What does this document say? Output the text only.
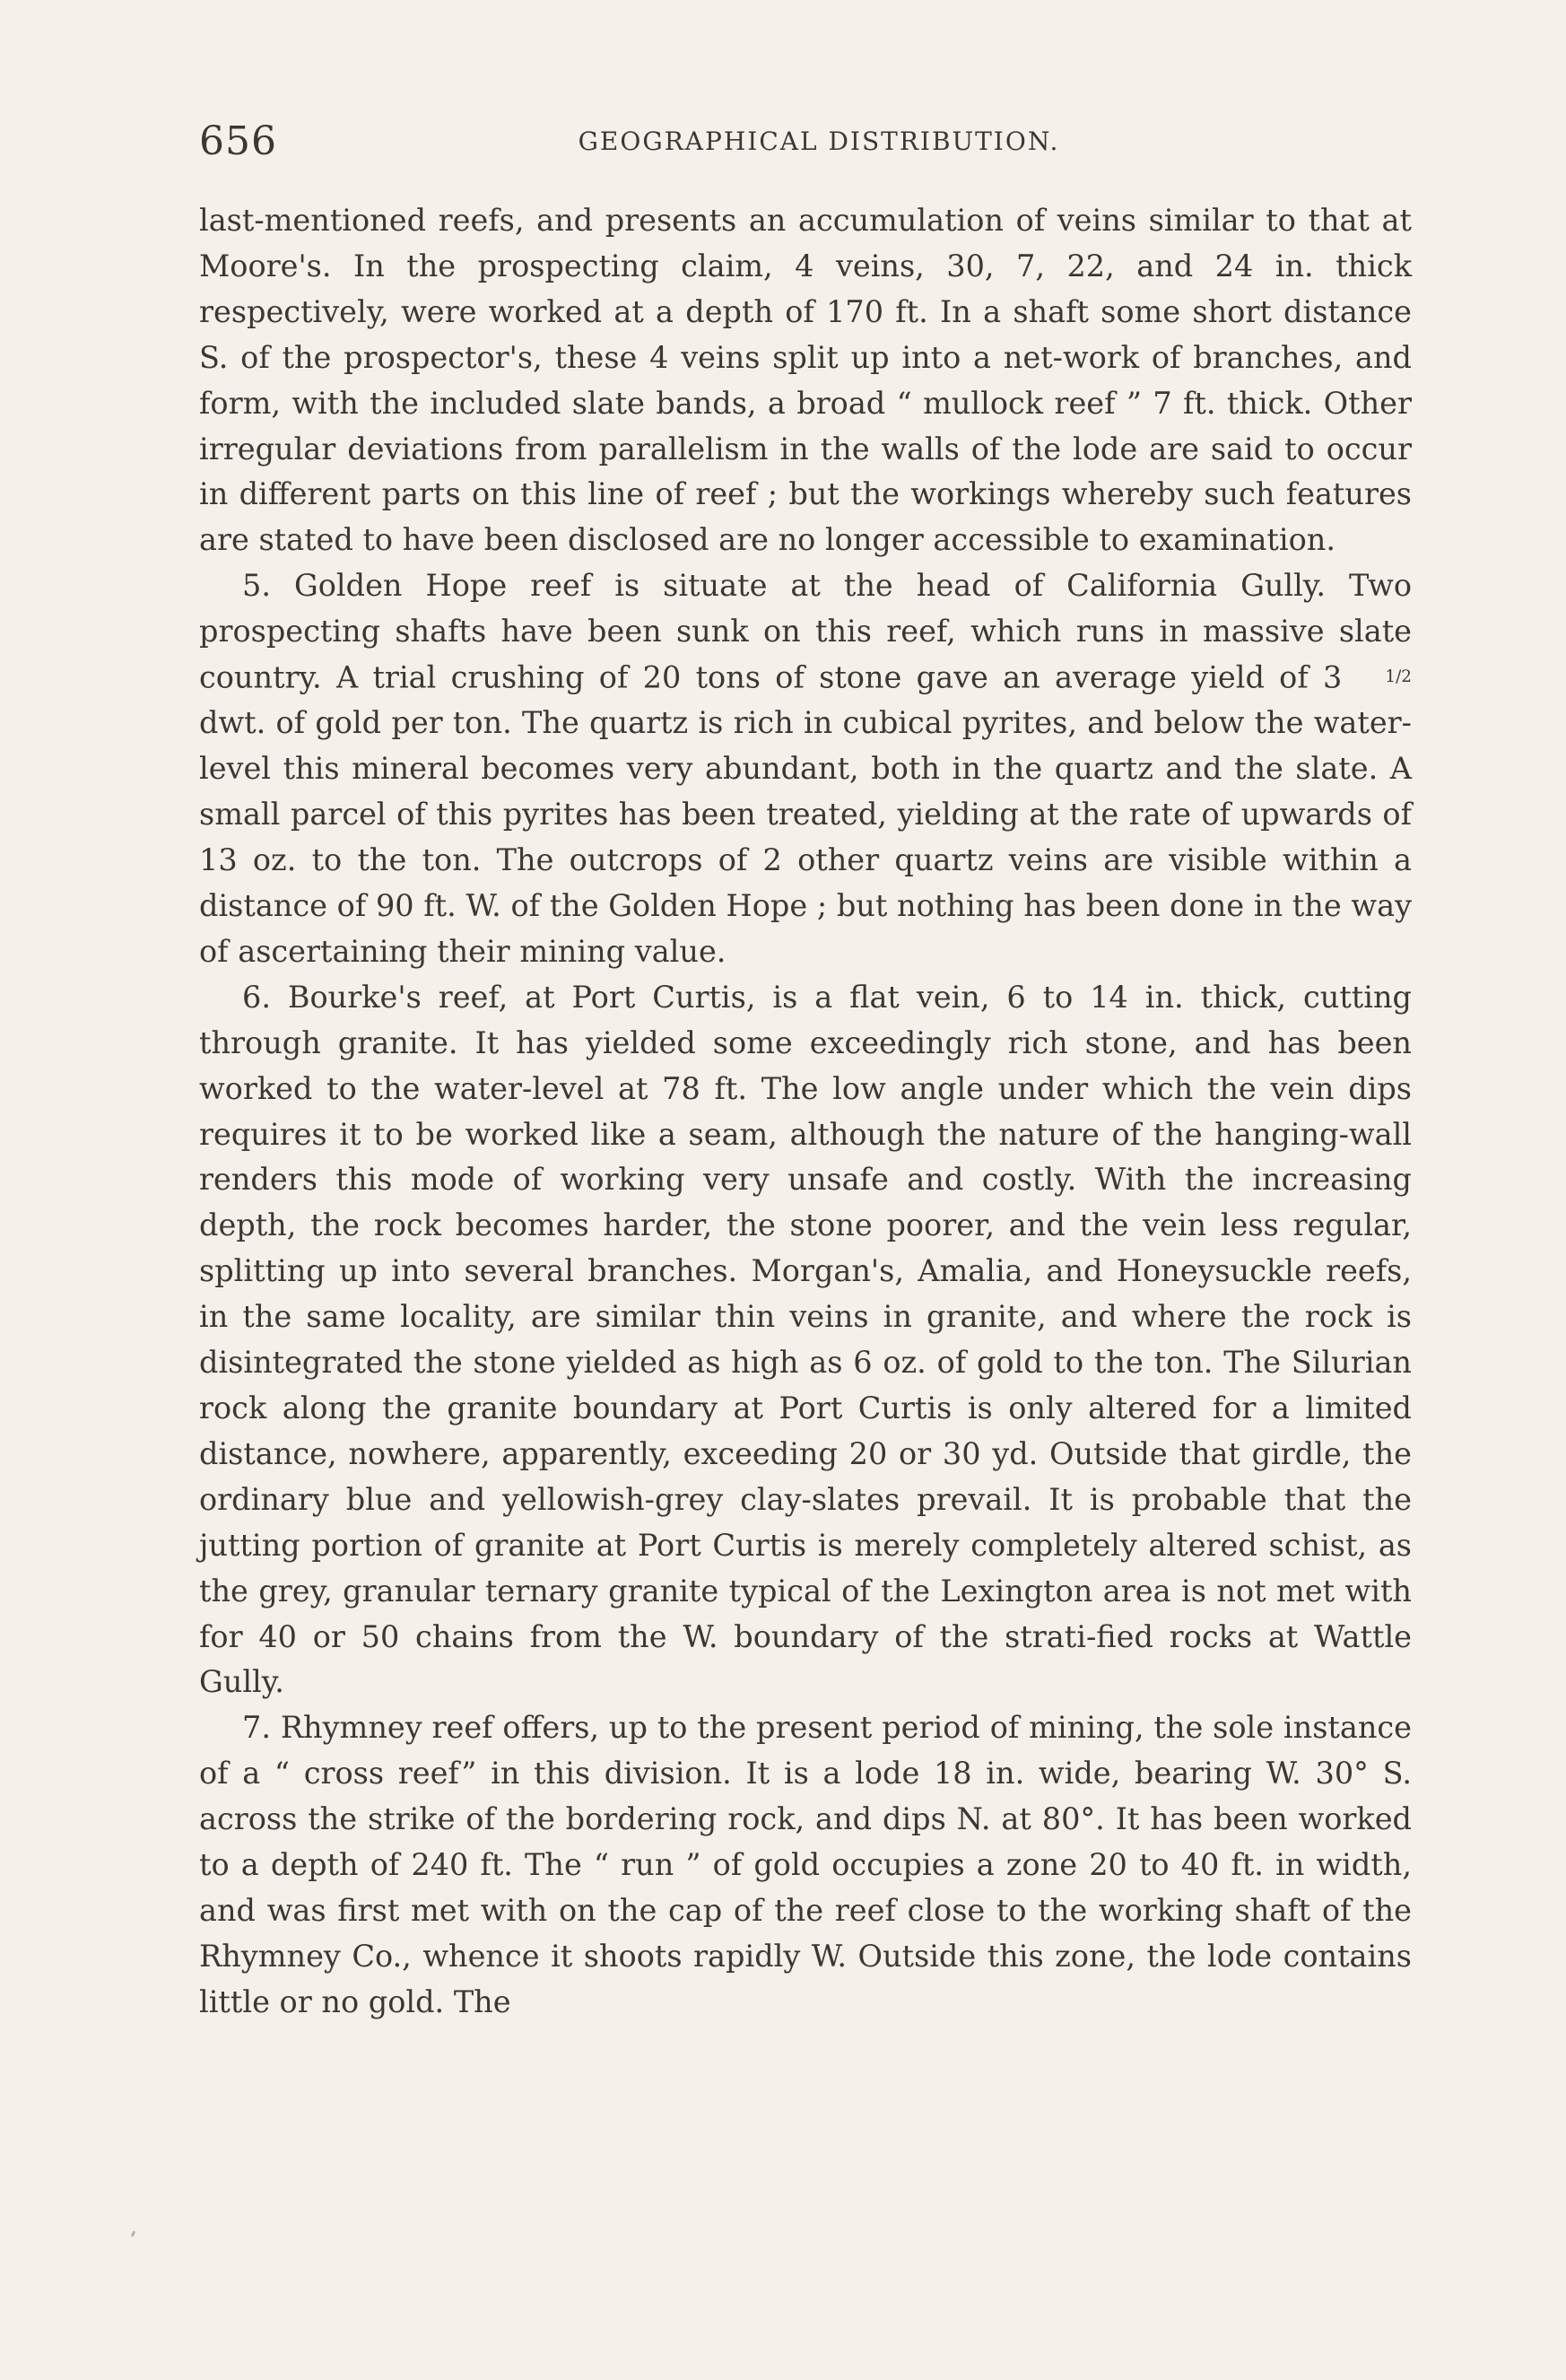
656	GEOGRAPHICAL DISTRIBUTION.

last-mentioned reefs, and presents an accumulation of veins similar to that at Moore's. In the prospecting claim, 4 veins, 30, 7, 22, and 24 in. thick respectively, were worked at a depth of 170 ft. In a shaft some short distance S. of the prospector's, these 4 veins split up into a net-work of branches, and form, with the included slate bands, a broad “ mullock reef ” 7 ft. thick. Other irregular deviations from parallelism in the walls of the lode are said to occur in different parts on this line of reef ; but the workings whereby such features are stated to have been disclosed are no longer accessible to examination.

5. Golden Hope reef is situate at the head of California Gully. Two prospecting shafts have been sunk on this reef, which runs in massive slate country. A trial crushing of 20 tons of stone gave an average yield of 3	1/2 dwt. of gold per ton. The quartz is rich in cubical pyrites, and below the water-level this mineral becomes very abundant, both in the quartz and the slate. A small parcel of this pyrites has been treated, yielding at the rate of upwards of 13 oz. to the ton. The outcrops of 2 other quartz veins are visible within a distance of 90 ft. W. of the Golden Hope ; but nothing has been done in the way of ascertaining their mining value.

6. Bourke's reef, at Port Curtis, is a flat vein, 6 to 14 in. thick, cutting through granite. It has yielded some exceedingly rich stone, and has been worked to the water-level at 78 ft. The low angle under which the vein dips requires it to be worked like a seam, although the nature of the hanging-wall renders this mode of working very unsafe and costly. With the increasing depth, the rock becomes harder, the stone poorer, and the vein less regular, splitting up into several branches. Morgan's, Amalia, and Honeysuckle reefs, in the same locality, are similar thin veins in granite, and where the rock is disintegrated the stone yielded as high as 6 oz. of gold to the ton. The Silurian rock along the granite boundary at Port Curtis is only altered for a limited distance, nowhere, apparently, exceeding 20 or 30 yd. Outside that girdle, the ordinary blue and yellowish-grey clay-slates prevail. It is probable that the jutting portion of granite at Port Curtis is merely completely altered schist, as the grey, granular ternary granite typical of the Lexington area is not met with for 40 or 50 chains from the W. boundary of the strati-fied rocks at Wattle Gully.

7. Rhymney reef offers, up to the present period of mining, the sole instance of a “ cross reef” in this division. It is a lode 18 in. wide, bearing W. 30° S. across the strike of the bordering rock, and dips N. at 80°. It has been worked to a depth of 240 ft. The “ run ” of gold occupies a zone 20 to 40 ft. in width, and was first met with on the cap of the reef close to the working shaft of the Rhymney Co., whence it shoots rapidly W. Outside this zone, the lode contains little or no gold. The
